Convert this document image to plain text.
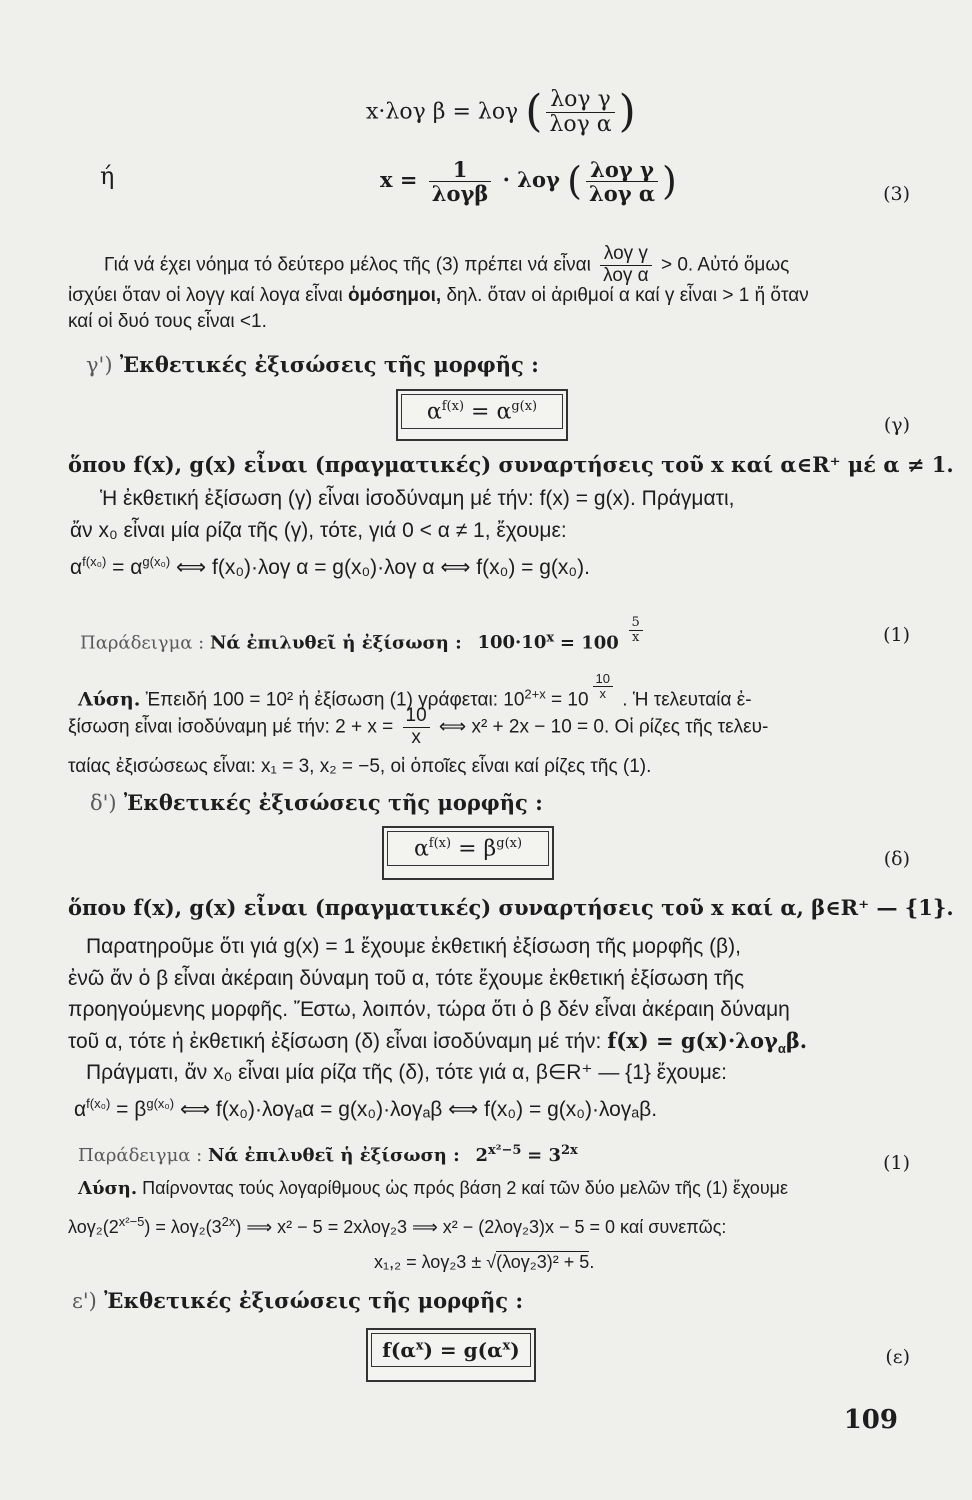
x·λογ β = λογ ( $\frac{\text{λογ γ}}{\text{λογ α}}$ )
ή	$x = \frac{1}{\text{λογβ}} \cdot \lambda o\gamma$ ( $\frac{\text{λογ γ}}{\text{λογ α}}$ )	(3)
Γιά νά έχει νόημα τό δεύτερο μέλος τῆς (3) πρέπει νά εἶναι $\frac{\text{λογ γ}}{\text{λογ α}} > 0$. Αὐτό ὅμως
ἰσχύει ὅταν οἱ λογγ καί λογα εἶναι ὁμόσημοι, δηλ. ὅταν οἱ ἀριθμοί α καί γ εἶναι > 1 ἤ ὅταν
καί οἱ δυό τους εἶναι <1.
γ') Ἐκθετικές ἐξισώσεις τῆς μορφῆς :
$\alpha^{f(x)} = \alpha^{g(x)}$
(γ)
ὅπου f(x), g(x) εἶναι (πραγματικές) συναρτήσεις τοῦ x καί α∈R⁺ μέ α ≠ 1.
Ἡ ἐκθετική ἐξίσωση (γ) εἶναι ἰσοδύναμη μέ τήν: f(x) = g(x). Πράγματι,
ἄν x₀ εἶναι μία ρίζα τῆς (γ), τότε, γιά 0 < α ≠ 1, ἔχουμε:
$\alpha^{f(x_0)} = \alpha^{g(x_0)}$ ⟺ f(x₀)·λογ α = g(x₀)·λογ α ⟺ f(x₀) = g(x₀).
Παράδειγμα : Νά ἐπιλυθεῖ ἡ ἐξίσωση : $100\cdot 10^x = 100 \frac{5}{x}$	(1)
Λύση. Ἐπειδή 100 = 10² ἡ ἐξίσωση (1) γράφεται: $10^{2+x} = 10 \frac{10}{x}$ . Ἡ τελευταία ἐ-
ξίσωση εἶναι ἰσοδύναμη μέ τήν: $2 + x = \frac{10}{x}$ ⟺ x² + 2x − 10 = 0. Οἱ ρίζες τῆς τελευ-
ταίας ἐξισώσεως εἶναι: x₁ = 3, x₂ = −5, οἱ ὁποῖες εἶναι καί ρίζες τῆς (1).
δ') Ἐκθετικές ἐξισώσεις τῆς μορφῆς :
$\alpha^{f(x)} = \beta^{g(x)}$
(δ)
ὅπου f(x), g(x) εἶναι (πραγματικές) συναρτήσεις τοῦ x καί α, β∈R⁺ — {1}.
Παρατηροῦμε ὅτι γιά g(x) = 1 ἔχουμε ἐκθετική ἐξίσωση τῆς μορφῆς (β),
ἐνῶ ἄν ὁ β εἶναι ἀκέραιη δύναμη τοῦ α, τότε ἔχουμε ἐκθετική ἐξίσωση τῆς
προηγούμενης μορφῆς. Ἔστω, λοιπόν, τώρα ὅτι ὁ β δέν εἶναι ἀκέραιη δύναμη
τοῦ α, τότε ἡ ἐκθετική ἐξίσωση (δ) εἶναι ἰσοδύναμη μέ τήν: f(x) = g(x)·λογ$_\alpha$β.
Πράγματι, ἄν x₀ εἶναι μία ρίζα τῆς (δ), τότε γιά α, β∈R⁺ — {1} ἔχουμε:
$\alpha^{f(x_0)} = \beta^{g(x_0)}$ ⟺ f(x₀)·λογₐα = g(x₀)·λογₐβ ⟺ f(x₀) = g(x₀)·λογₐβ.
Παράδειγμα : Νά ἐπιλυθεῖ ἡ ἐξίσωση : $2^{x^2-5} = 3^{2x}$
(1)
Λύση. Παίρνοντας τούς λογαρίθμους ὡς πρός βάση 2 καί τῶν δύο μελῶν τῆς (1) ἔχουμε
$\lambda o\gamma_2(2^{x^2-5}) = \lambda o\gamma_2(3^{2x})$ ⟹ x² − 5 = 2xλογ₂3 ⟹ x² − (2λογ₂3)x − 5 = 0 καί συνεπῶς:
x₁,₂ = λογ₂3 ± √(λογ₂3)² + 5.
ε') Ἐκθετικές ἐξισώσεις τῆς μορφῆς :
$f(\alpha^x) = g(\alpha^x)$	(ε)
109
